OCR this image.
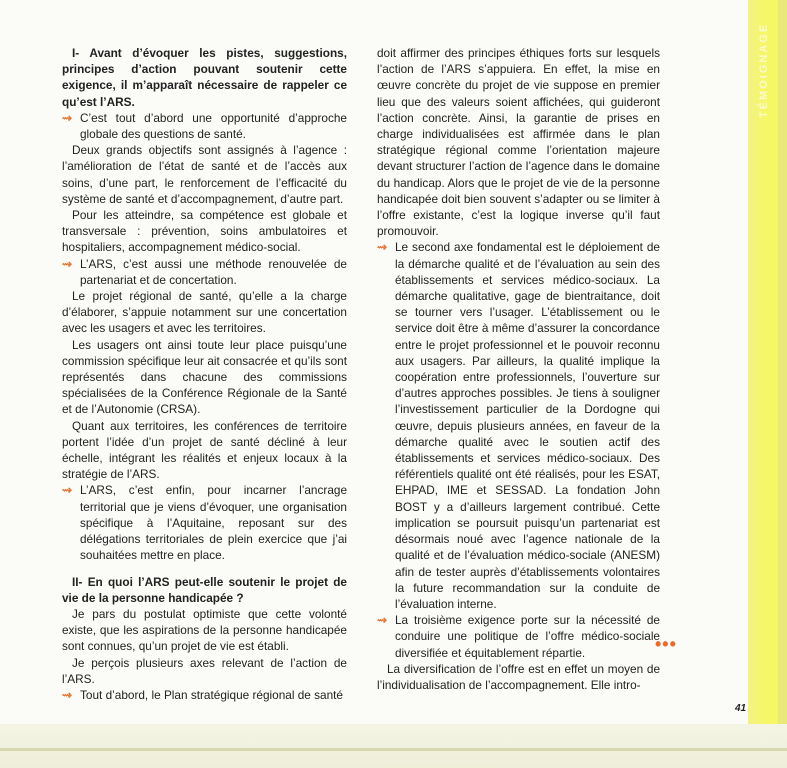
TÉMOIGNAGE

I- Avant d’évoquer les pistes, suggestions, principes d’action pouvant soutenir cette exigence, il m’apparaît nécessaire de rappeler ce qu’est l’ARS.

⇝ C’est tout d’abord une opportunité d’approche globale des questions de santé.

Deux grands objectifs sont assignés à l’agence : l’amélioration de l’état de santé et de l’accès aux soins, d’une part, le renforcement de l’efficacité du système de santé et d’accompagnement, d’autre part.

Pour les atteindre, sa compétence est globale et transversale : prévention, soins ambulatoires et hospitaliers, accompagnement médico-social.

⇝ L’ARS, c’est aussi une méthode renouvelée de partenariat et de concertation.

Le projet régional de santé, qu’elle a la charge d’élaborer, s’appuie notamment sur une concertation avec les usagers et avec les territoires.

Les usagers ont ainsi toute leur place puisqu’une commission spécifique leur ait consacrée et qu’ils sont représentés dans chacune des commissions spécialisées de la Conférence Régionale de la Santé et de l’Autonomie (CRSA).

Quant aux territoires, les conférences de territoire portent l’idée d’un projet de santé décliné à leur échelle, intégrant les réalités et enjeux locaux à la stratégie de l’ARS.

⇝ L’ARS, c’est enfin, pour incarner l’ancrage territorial que je viens d’évoquer, une organisation spécifique à l’Aquitaine, reposant sur des délégations territoriales de plein exercice que j’ai souhaitées mettre en place.

II- En quoi l’ARS peut-elle soutenir le projet de vie de la personne handicapée ?

Je pars du postulat optimiste que cette volonté existe, que les aspirations de la personne handicapée sont connues, qu’un projet de vie est établi.

Je perçois plusieurs axes relevant de l’action de l’ARS.

⇝ Tout d’abord, le Plan stratégique régional de santé

doit affirmer des principes éthiques forts sur lesquels l’action de l’ARS s’appuiera. En effet, la mise en œuvre concrète du projet de vie suppose en premier lieu que des valeurs soient affichées, qui guideront l’action concrète. Ainsi, la garantie de prises en charge individualisées est affirmée dans le plan stratégique régional comme l’orientation majeure devant structurer l’action de l’agence dans le domaine du handicap. Alors que le projet de vie de la personne handicapée doit bien souvent s’adapter ou se limiter à l’offre existante, c’est la logique inverse qu’il faut promouvoir.

⇝ Le second axe fondamental est le déploiement de la démarche qualité et de l’évaluation au sein des établissements et services médico-sociaux. La démarche qualitative, gage de bientraitance, doit se tourner vers l’usager. L’établissement ou le service doit être à même d’assurer la concordance entre le projet professionnel et le pouvoir reconnu aux usagers. Par ailleurs, la qualité implique la coopération entre professionnels, l’ouverture sur d’autres approches possibles. Je tiens à souligner l’investissement particulier de la Dordogne qui œuvre, depuis plusieurs années, en faveur de la démarche qualité avec le soutien actif des établissements et services médico-sociaux. Des référentiels qualité ont été réalisés, pour les ESAT, EHPAD, IME et SESSAD. La fondation John BOST y a d’ailleurs largement contribué. Cette implication se poursuit puisqu’un partenariat est désormais noué avec l’agence nationale de la qualité et de l’évaluation médico-sociale (ANESM) afin de tester auprès d’établissements volontaires la future recommandation sur la conduite de l’évaluation interne.

⇝ La troisième exigence porte sur la nécessité de conduire une politique de l’offre médico-sociale diversifiée et équitablement répartie.

La diversification de l’offre est en effet un moyen de l’individualisation de l’accompagnement. Elle intro-

•••
41
